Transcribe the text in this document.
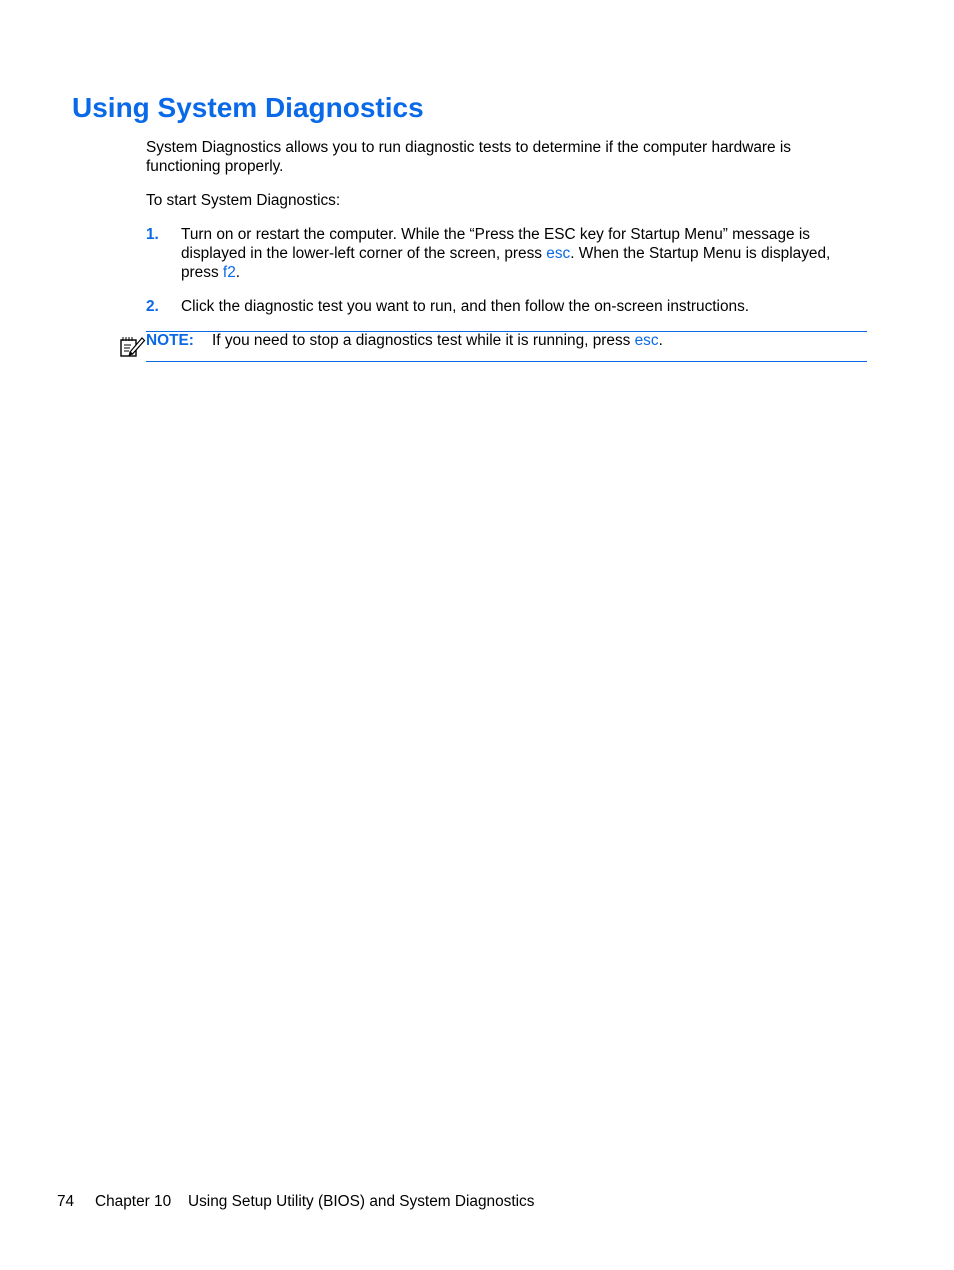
Using System Diagnostics
System Diagnostics allows you to run diagnostic tests to determine if the computer hardware is functioning properly.
To start System Diagnostics:
1. Turn on or restart the computer. While the “Press the ESC key for Startup Menu” message is displayed in the lower-left corner of the screen, press esc. When the Startup Menu is displayed, press f2.
2. Click the diagnostic test you want to run, and then follow the on-screen instructions.
NOTE: If you need to stop a diagnostics test while it is running, press esc.
74 Chapter 10 Using Setup Utility (BIOS) and System Diagnostics
